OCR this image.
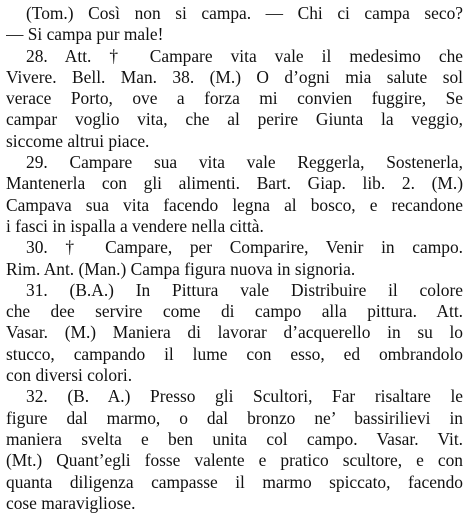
(Tom.) Così non si campa. — Chi ci campa seco?
— Si campa pur male!
28. Att. † Campare vita vale il medesimo che
Vivere. Bell. Man. 38. (M.) O d’ogni mia salute sol
verace Porto, ove a forza mi convien fuggire, Se
campar voglio vita, che al perire Giunta la veggio,
siccome altrui piace.
29. Campare sua vita vale Reggerla, Sostenerla,
Mantenerla con gli alimenti. Bart. Giap. lib. 2. (M.)
Campava sua vita facendo legna al bosco, e recandone
i fasci in ispalla a vendere nella città.
30. † Campare, per Comparire, Venir in campo.
Rim. Ant. (Man.) Campa figura nuova in signoria.
31. (B.A.) In Pittura vale Distribuire il colore
che dee servire come di campo alla pittura. Att.
Vasar. (M.) Maniera di lavorar d’acquerello in su lo
stucco, campando il lume con esso, ed ombrandolo
con diversi colori.
32. (B. A.) Presso gli Scultori, Far risaltare le
figure dal marmo, o dal bronzo ne’ bassirilievi in
maniera svelta e ben unita col campo. Vasar. Vit.
(Mt.) Quant’egli fosse valente e pratico scultore, e con
quanta diligenza campasse il marmo spiccato, facendo
cose maravigliose.
